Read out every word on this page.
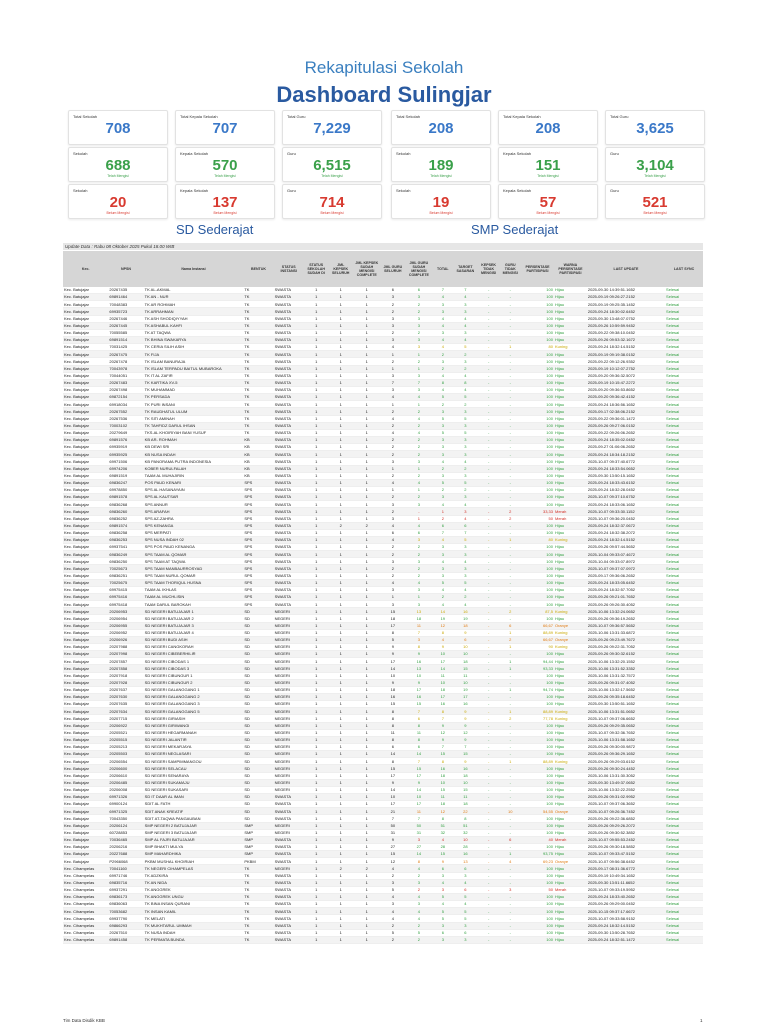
Rekapitulasi Sekolah
Dashboard Sulingjar
Total Sekolah
708
Total Kepala Sekolah
707
Total Guru
7,229
Sekolah
688
Telah Mengisi
Kepala Sekolah
570
Telah Mengisi
Guru
6,515
Telah Mengisi
Sekolah
20
Belum Mengisi
Kepala Sekolah
137
Belum Mengisi
Guru
714
Belum Mengisi
Total Sekolah
208
Total Kepala Sekolah
208
Total Guru
3,625
Sekolah
189
Telah Mengisi
Kepala Sekolah
151
Telah Mengisi
Guru
3,104
Telah Mengisi
Sekolah
19
Belum Mengisi
Kepala Sekolah
57
Belum Mengisi
Guru
521
Belum Mengisi
SD Sederajat	SMP Sederajat
Update Data : Rabu 08 Oktober 2025 Pukul 18.00 WIB
Kec.	NPSN	Nama Instansi	BENTUK	STATUS INSTANSI	STATUS SEKOLAH SUDAH DI	JML KEPSEK SELURUH	JML KEPSEK SUDAH MENGISI COMPLETE	JML GURU SELURUH	JML GURU SUDAH MENGISI COMPLETE	TOTAL	TARGET SASARAN	KEPSEK TIDAK MENGISI	GURU TIDAK MENGISI	PERSENTASE PARTISIPASI	WARNA PERSENTASE PARTISIPASI	LAST UPDATE	LAST SYNC
Kec. Batujajar	20267435	TK AL-AKMAL	TK	SWASTA	1	1	1	6	6	7	7	-	-	100	Hijau	2025-09-30 14:39:51.1652	Selesai
Kec. Batujajar	69891464	TK AN - NUR	TK	SWASTA	1	1	1	3	3	4	4	-	-	100	Hijau	2025-09-19 09:26:27.2152	Selesai
Kec. Batujajar	70048383	TK AR ROHMAH	TK	SWASTA	1	1	1	2	2	3	3	-	-	100	Hijau	2025-09-19 09:25:35.1452	Selesai
Kec. Batujajar	69935723	TK ARRAHMAN	TK	SWASTA	1	1	1	2	2	3	3	-	-	100	Hijau	2025-09-24 18:30:02.6452	Selesai
Kec. Batujajar	20267446	TK ASH SHODIQIYYAH	TK	SWASTA	1	1	1	3	3	4	4	-	-	100	Hijau	2025-09-30 13:48:07.0752	Selesai
Kec. Batujajar	20267445	TK ASHABUL KAHFI	TK	SWASTA	1	1	1	3	3	4	4	-	-	100	Hijau	2025-09-26 10:59:59.9452	Selesai
Kec. Batujajar	70055585	TK AT TAQWA	TK	SWASTA	1	1	1	2	2	3	3	-	-	100	Hijau	2025-09-22 09:38:10.0452	Selesai
Kec. Batujajar	69891514	TK BHINA SWAKARYA	TK	SWASTA	1	1	1	3	3	4	4	-	-	100	Hijau	2025-09-26 09:53:32.1672	Selesai
Kec. Batujajar	70031425	TK CERIA SILIH ASIH	TK	SWASTA	1	1	1	4	3	4	5	-	1	80	Kuning	2025-09-24 18:32:14.5152	Selesai
Kec. Batujajar	20267475	TK FIJA	TK	SWASTA	1	1	1	1	1	2	2	-	-	100	Hijau	2025-09-19 09:19:38.0152	Selesai
Kec. Batujajar	20267478	TK ISLAM BANURAJA	TK	SWASTA	1	1	1	2	2	3	3	-	-	100	Hijau	2025-09-22 09:12:26.9352	Selesai
Kec. Batujajar	70043978	TK ISLAM TERPADU BAITUL MUBAROKA	TK	SWASTA	1	1	1	1	1	2	2	-	-	100	Hijau	2025-09-19 10:12:07.2752	Selesai
Kec. Batujajar	70044051	TK IT AL ZAFIR	TK	SWASTA	1	1	1	3	3	4	4	-	-	100	Hijau	2025-09-20 09:36:32.5072	Selesai
Kec. Batujajar	20267483	TK KARTIKA XV-5	TK	SWASTA	1	1	1	7	7	8	8	-	-	100	Hijau	2025-09-19 10:15:47.2272	Selesai
Kec. Batujajar	20267498	TK MUHAMMAD	TK	SWASTA	1	1	1	3	3	4	4	-	-	100	Hijau	2025-09-20 09:36:53.8652	Selesai
Kec. Batujajar	69872154	TK PERSADA	TK	SWASTA	1	1	1	4	4	5	5	-	-	100	Hijau	2025-09-20 09:36:42.4152	Selesai
Kec. Batujajar	69918034	TK PURI INSANI	TK	SWASTA	1	1	1	1	1	2	2	-	-	100	Hijau	2025-09-24 18:36:56.1652	Selesai
Kec. Batujajar	20267552	TK RAUDHATUL ULUM	TK	SWASTA	1	1	1	2	2	3	3	-	-	100	Hijau	2025-09-17 02:38:06.2152	Selesai
Kec. Batujajar	20267536	TK SITI AMINAH	TK	SWASTA	1	1	1	4	4	5	5	-	-	100	Hijau	2025-09-22 09:36:01.1472	Selesai
Kec. Batujajar	70003102	TK TAHFIDZ DARUL IHSAN	TK	SWASTA	1	1	1	2	2	3	3	-	-	100	Hijau	2025-09-26 09:27:06.0152	Selesai
Kec. Batujajar	20279649	TKS.AL KHOIRIYAH BANI YUSUF	TK	SWASTA	1	1	1	4	4	5	5	-	-	100	Hijau	2025-09-22 09:26:06.2652	Selesai
Kec. Batujajar	69891576	KB AR- ROHMAH	KB	SWASTA	1	1	1	2	2	3	3	-	-	100	Hijau	2025-09-24 18:35:02.0452	Selesai
Kec. Batujajar	69935919	KB DEWI SRI	KB	SWASTA	1	1	1	2	2	3	3	-	-	100	Hijau	2025-09-27 01:06:06.2652	Selesai
Kec. Batujajar	69935925	KB NUSA INDAH	KB	SWASTA	1	1	1	2	2	3	3	-	-	100	Hijau	2025-09-24 18:34:18.2152	Selesai
Kec. Batujajar	69971506	KB PANORAMA PUTRA INDONESIA	KB	SWASTA	1	1	1	3	3	4	4	-	-	100	Hijau	2025-10-07 09:37:40.6772	Selesai
Kec. Batujajar	69974206	KOBER NURULFALAH	KB	SWASTA	1	1	1	1	1	2	2	-	-	100	Hijau	2025-09-24 18:33:54.0652	Selesai
Kec. Batujajar	69891519	TAAM AL MUHAJIRIN	KB	SWASTA	1	1	1	2	2	3	3	-	-	100	Hijau	2025-09-30 13:50:15.1652	Selesai
Kec. Batujajar	69836247	POS PAUD KENARI	SPS	SWASTA	1	1	1	4	4	5	5	-	-	100	Hijau	2025-09-24 18:33:43.6152	Selesai
Kec. Batujajar	69978850	SPS AL HASANAYAIN	SPS	SWASTA	1	1	1	1	1	2	2	-	-	100	Hijau	2025-09-24 18:32:28.0452	Selesai
Kec. Batujajar	69891578	SPS AL KAUTSAR	SPS	SWASTA	1	1	1	2	2	3	3	-	-	100	Hijau	2025-10-07 09:37:10.6752	Selesai
Kec. Batujajar	69836268	SPS ANNUR	SPS	SWASTA	1	1	1	3	3	4	4	-	-	100	Hijau	2025-09-24 18:33:06.1652	Selesai
Kec. Batujajar	69836260	SPS ARAFAH	SPS	SWASTA	1	1	1	2	-	1	3	-	2	33,33	Merah	2025-10-07 09:33:30.1152	Selesai
Kec. Batujajar	69836252	SPS AZ-ZAHRA	SPS	SWASTA	1	1	1	3	1	2	4	-	2	50	Merah	2025-10-07 09:36:20.0452	Selesai
Kec. Batujajar	69891574	SPS KENANGA	SPS	SWASTA	1	2	2	4	4	6	6	-	-	100	Hijau	2025-09-24 18:32:37.0672	Selesai
Kec. Batujajar	69836258	SPS MERPATI	SPS	SWASTA	1	1	1	6	6	7	7	-	-	100	Hijau	2025-09-24 18:32:38.2072	Selesai
Kec. Batujajar	69836253	SPS NUSA INDAH 02	SPS	SWASTA	1	1	1	4	3	4	5	-	1	80	Kuning	2025-09-24 18:32:14.5152	Selesai
Kec. Batujajar	69937541	SPS POS PAUD KENANGA	SPS	SWASTA	1	1	1	2	2	3	3	-	-	100	Hijau	2025-09-26 09:57:44.5652	Selesai
Kec. Batujajar	69836249	SPS TAAM AL QOMAR	SPS	SWASTA	1	1	1	2	2	3	3	-	-	100	Hijau	2025-10-04 09:33:07.4672	Selesai
Kec. Batujajar	69836250	SPS TAAM AT TAQWA	SPS	SWASTA	1	1	1	3	3	4	4	-	-	100	Hijau	2025-10-04 09:33:07.8972	Selesai
Kec. Batujajar	70025673	SPS TAAM MANBAURROSYAD	SPS	SWASTA	1	1	1	2	2	3	3	-	-	100	Hijau	2025-10-07 09:37:07.0972	Selesai
Kec. Batujajar	69836251	SPS TAAM NURUL QOMAR	SPS	SWASTA	1	1	1	2	2	3	3	-	-	100	Hijau	2025-09-17 09:36:06.2652	Selesai
Kec. Batujajar	70025675	SPS TAAM THORIQUL HUSNA	SPS	SWASTA	1	1	1	4	4	5	5	-	-	100	Hijau	2025-09-24 18:33:05.6452	Selesai
Kec. Batujajar	69975415	TAAM AL IKHLAS	SPS	SWASTA	1	1	1	3	3	4	4	-	-	100	Hijau	2025-09-24 18:32:57.7052	Selesai
Kec. Batujajar	69975416	TAAM AL MUCHLISIN	SPS	SWASTA	1	1	1	1	1	2	2	-	-	100	Hijau	2025-09-26 09:21:01.7652	Selesai
Kec. Batujajar	69975418	TAAM DARUL BAROKAH	SPS	SWASTA	1	1	1	3	3	4	4	-	-	100	Hijau	2025-09-26 09:26:30.4052	Selesai
Kec. Batujajar	20206953	SD NEGERI BATUJAJAR 1	SD	NEGERI	1	1	1	15	13	14	16	-	2	87,5	Kuning	2025-10-06 13:32:24.0652	Selesai
Kec. Batujajar	20206954	SD NEGERI BATUJAJAR 2	SD	NEGERI	1	1	1	18	18	19	19	-	-	100	Hijau	2025-09-26 09:36:19.2652	Selesai
Kec. Batujajar	20206955	SD NEGERI BATUJAJAR 3	SD	NEGERI	1	1	1	17	11	12	18	-	6	66,67	Oranye	2025-10-07 09:36:57.5652	Selesai
Kec. Batujajar	20206952	SD NEGERI BATUJAJAR 4	SD	NEGERI	1	1	1	8	7	8	9	-	1	88,89	Kuning	2025-10-06 13:31:33.6872	Selesai
Kec. Batujajar	20206926	SD NEGERI BUDI ASIH	SD	NEGERI	1	1	1	5	3	4	6	-	2	66,67	Oranye	2025-09-26 09:23:49.7672	Selesai
Kec. Batujajar	20207988	SD NEGERI CANGKORAH	SD	NEGERI	1	1	1	9	8	9	10	-	1	90	Kuning	2025-09-26 09:22:31.7052	Selesai
Kec. Batujajar	20207998	SD NEGERI CIBEBERHILIR	SD	NEGERI	1	1	1	9	9	10	10	-	-	100	Hijau	2025-09-26 09:30:32.6152	Selesai
Kec. Batujajar	20207857	SD NEGERI CIBODAS 1	SD	NEGERI	1	1	1	17	16	17	18	-	1	94,44	Hijau	2025-10-06 13:32:20.1552	Selesai
Kec. Batujajar	20207858	SD NEGERI CIBODAS 3	SD	NEGERI	1	1	1	14	13	14	15	-	1	93,33	Hijau	2025-10-06 13:31:52.3352	Selesai
Kec. Batujajar	20207918	SD NEGERI CIBUNGUR 1	SD	NEGERI	1	1	1	10	10	11	11	-	-	100	Hijau	2025-10-06 13:31:32.7572	Selesai
Kec. Batujajar	20207928	SD NEGERI CIBUNGUR 2	SD	NEGERI	1	1	1	9	9	10	10	-	-	100	Hijau	2025-09-26 09:31:07.4052	Selesai
Kec. Batujajar	20207637	SD NEGERI GALANGGANG 1	SD	NEGERI	1	1	1	18	17	18	19	-	1	94,74	Hijau	2025-10-06 13:32:17.5652	Selesai
Kec. Batujajar	20207630	SD NEGERI GALANGGANG 2	SD	NEGERI	1	1	1	16	16	17	17	-	-	100	Hijau	2025-09-26 09:35:18.6452	Selesai
Kec. Batujajar	20207635	SD NEGERI GALANGGANG 3	SD	NEGERI	1	1	1	15	15	16	16	-	-	100	Hijau	2025-09-30 13:50:51.1652	Selesai
Kec. Batujajar	20207634	SD NEGERI GALANGGANG 5	SD	NEGERI	1	1	1	8	7	8	9	-	1	88,89	Kuning	2025-10-06 13:31:51.0652	Selesai
Kec. Batujajar	20207715	SD NEGERI GIRIASIH	SD	NEGERI	1	1	1	8	6	7	9	-	2	77,78	Kuning	2025-10-07 09:37:06.6652	Selesai
Kec. Batujajar	20206922	SD NEGERI GIRIWANGI	SD	NEGERI	1	1	1	8	8	9	9	-	-	100	Hijau	2025-09-26 09:29:35.0652	Selesai
Kec. Batujajar	20205521	SD NEGERI HEGARMANAH	SD	NEGERI	1	1	1	11	11	12	12	-	-	100	Hijau	2025-10-07 09:32:36.7652	Selesai
Kec. Batujajar	20205515	SD NEGERI JALANTIR	SD	NEGERI	1	1	1	8	8	9	9	-	-	100	Hijau	2025-10-06 13:31:58.1652	Selesai
Kec. Batujajar	20205213	SD NEGERI MEKARJAYA	SD	NEGERI	1	1	1	6	6	7	7	-	-	100	Hijau	2025-09-26 09:30:00.9872	Selesai
Kec. Batujajar	20205503	SD NEGERI NEGLASARI	SD	NEGERI	1	1	1	14	14	15	15	-	-	100	Hijau	2025-09-26 09:36:29.1652	Selesai
Kec. Batujajar	20206554	SD NEGERI SAMPIMMANGOU	SD	NEGERI	1	1	1	8	7	8	9	-	1	88,89	Kuning	2025-09-26 09:29:03.6152	Selesai
Kec. Batujajar	20206600	SD NEGERI SELACAU	SD	NEGERI	1	1	1	15	15	16	16	-	-	100	Hijau	2025-09-26 09:30:24.4452	Selesai
Kec. Batujajar	20206610	SD NEGERI SENARAYA	SD	NEGERI	1	1	1	17	17	18	18	-	-	100	Hijau	2025-10-06 13:31:30.3052	Selesai
Kec. Batujajar	20206485	SD NEGERI SUKAMAJU	SD	NEGERI	1	1	1	9	9	10	10	-	-	100	Hijau	2025-09-30 13:49:37.0652	Selesai
Kec. Batujajar	20206008	SD NEGERI SUKASARI	SD	NEGERI	1	1	1	14	14	15	15	-	-	100	Hijau	2025-10-06 13:32:22.2552	Selesai
Kec. Batujajar	69971326	SD IT DAAR AL IMAN	SD	SWASTA	1	1	1	10	10	11	11	-	-	100	Hijau	2025-09-26 09:31:02.9952	Selesai
Kec. Batujajar	69900124	SDIT AL FATH	SD	SWASTA	1	1	1	17	17	18	18	-	-	100	Hijau	2025-10-07 09:37:06.3652	Selesai
Kec. Batujajar	69971325	SDIT ANAK KREATIF	SD	SWASTA	1	1	1	21	11	12	22	-	10	54,55	Oranye	2025-10-07 09:26:36.7452	Selesai
Kec. Batujajar	70043350	SDIT AT-TAQWA PANGAUBAN	SD	SWASTA	1	1	1	7	7	8	8	-	-	100	Hijau	2025-09-26 09:22:36.6852	Selesai
Kec. Batujajar	20206124	SMP NEGERI 2 BATUJAJAR	SMP	NEGERI	1	1	1	50	50	51	51	-	-	100	Hijau	2025-09-26 09:29:26.2072	Selesai
Kec. Batujajar	60728853	SMP NEGERI 3 BATUJAJAR	SMP	NEGERI	1	1	1	31	31	32	32	-	-	100	Hijau	2025-09-26 09:30:52.3852	Selesai
Kec. Batujajar	70036465	SMP AL FAJRI BATUJAJAR	SMP	SWASTA	1	1	1	9	3	4	10	-	6	40	Merah	2025-10-07 09:55:53.2452	Selesai
Kec. Batujajar	20206216	SMP BHAKTI MULYA	SMP	SWASTA	1	1	1	27	27	28	28	-	-	100	Hijau	2025-09-26 09:30:18.5852	Selesai
Kec. Batujajar	20227688	SMP MAHARDHIKA	SMP	SWASTA	1	1	1	15	14	15	16	-	1	93,75	Hijau	2025-10-07 09:33:47.5152	Selesai
Kec. Batujajar	P2966068	PKBM MUSHAL KHOIRIAH	PKBM	SWASTA	1	1	1	12	8	9	13	-	4	69,23	Oranye	2025-10-07 09:56:38.6452	Selesai
Kec. Cihampelas	70041160	TK NEGERI CIHAMPELAS	TK	NEGERI	1	2	2	4	4	6	6	-	-	100	Hijau	2025-09-17 08:31:36.6772	Selesai
Kec. Cihampelas	69971746	TK ADZKIRA	TK	SWASTA	1	1	1	2	2	3	3	-	-	100	Hijau	2025-09-19 10:49:34.1652	Selesai
Kec. Cihampelas	69835716	TK AN NIDA	TK	SWASTA	1	1	1	3	3	4	4	-	-	100	Hijau	2025-09-30 13:51:11.6652	Selesai
Kec. Cihampelas	69937291	TK ANGGREK	TK	SWASTA	1	1	1	5	2	3	6	-	3	50	Merah	2025-10-07 09:33:19.5952	Selesai
Kec. Cihampelas	69836173	TK ANGGREK UNGU	TK	SWASTA	1	1	1	4	4	5	5	-	-	100	Hijau	2025-09-24 18:33:40.2652	Selesai
Kec. Cihampelas	69836063	TK BINA INSAN QURANI	TK	SWASTA	1	1	1	3	3	4	4	-	-	100	Hijau	2025-09-26 09:29:00.0452	Selesai
Kec. Cihampelas	70053682	TK INSAN KAMIL	TK	SWASTA	1	1	1	4	4	5	5	-	-	100	Hijau	2025-10-15 09:37:17.6672	Selesai
Kec. Cihampelas	69937790	TK MELATI	TK	SWASTA	1	1	1	4	4	5	5	-	-	100	Hijau	2025-10-07 09:33:58.9152	Selesai
Kec. Cihampelas	69866293	TK MUKHTARUL UMMAH	TK	SWASTA	1	1	1	2	2	3	3	-	-	100	Hijau	2025-09-24 18:32:14.5152	Selesai
Kec. Cihampelas	20267510	TK NUSA INDAH	TK	SWASTA	1	1	1	5	5	6	6	-	-	100	Hijau	2025-09-30 13:50:28.7652	Selesai
Kec. Cihampelas	69891458	TK PERMATA BUNDA	TK	SWASTA	1	1	1	2	2	3	3	-	-	100	Hijau	2025-09-24 18:32:51.1472	Selesai
Tim Data Disdik KBB	1
